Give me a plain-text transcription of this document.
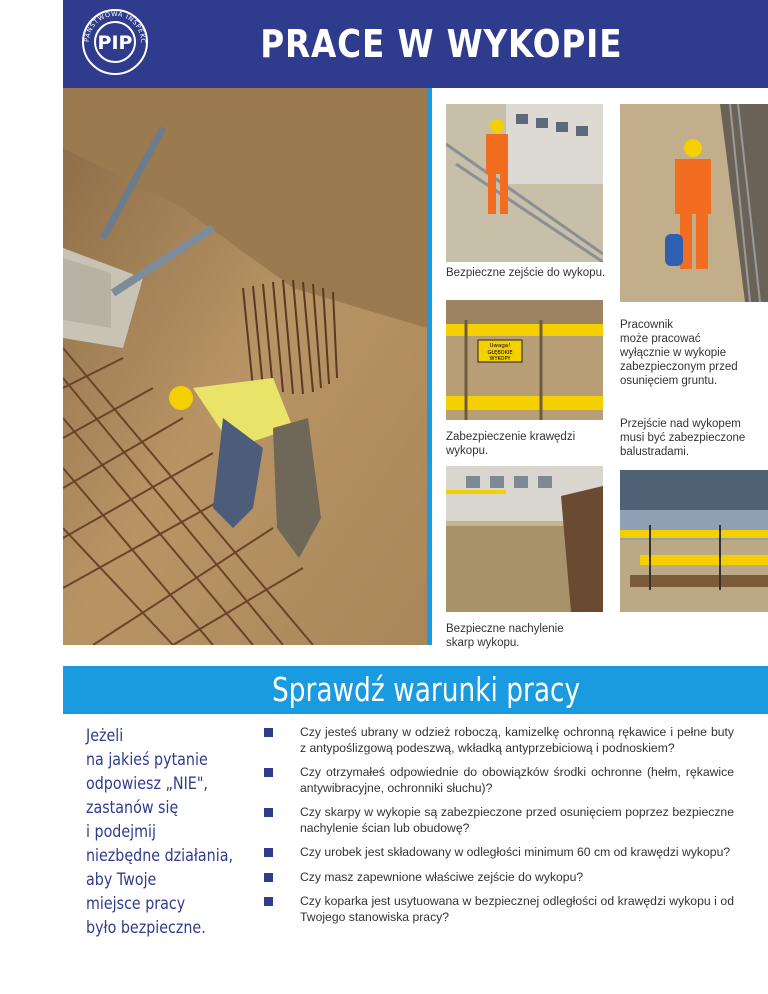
PAŃSTWOWA INSPEKC
PIP	PRACE W WYKOPIE
Bezpieczne zejście do wykopu.
Pracownik
może pracować
wyłącznie w wykopie
zabezpieczonym przed
osunięciem gruntu.
Uwaga!
GŁĘBOKIE
WYKOPY
Zabezpieczenie krawędzi
wykopu.
Przejście nad wykopem
musi być zabezpieczone
balustradami.
Bezpieczne nachylenie
skarp wykopu.
Sprawdź warunki pracy
Jeżeli
na jakieś pytanie
odpowiesz „NIE",
zastanów się
i podejmij
niezbędne działania,
aby Twoje
miejsce pracy
było bezpieczne.
Czy jesteś ubrany w odzież roboczą, kamizelkę ochronną rękawice i pełne buty z antypoślizgową podeszwą, wkładką antyprzebiciową i podnoskiem?
Czy otrzymałeś odpowiednie do obowiązków środki ochronne (hełm, rękawice antywibracyjne, ochronniki słuchu)?
Czy skarpy w wykopie są zabezpieczone przed osunięciem poprzez bezpieczne nachylenie ścian lub obudowę?
Czy urobek jest składowany w odległości minimum 60 cm od krawędzi wykopu?
Czy masz zapewnione właściwe zejście do wykopu?
Czy koparka jest usytuowana w bezpiecznej odległości od krawędzi wykopu i od Twojego stanowiska pracy?
